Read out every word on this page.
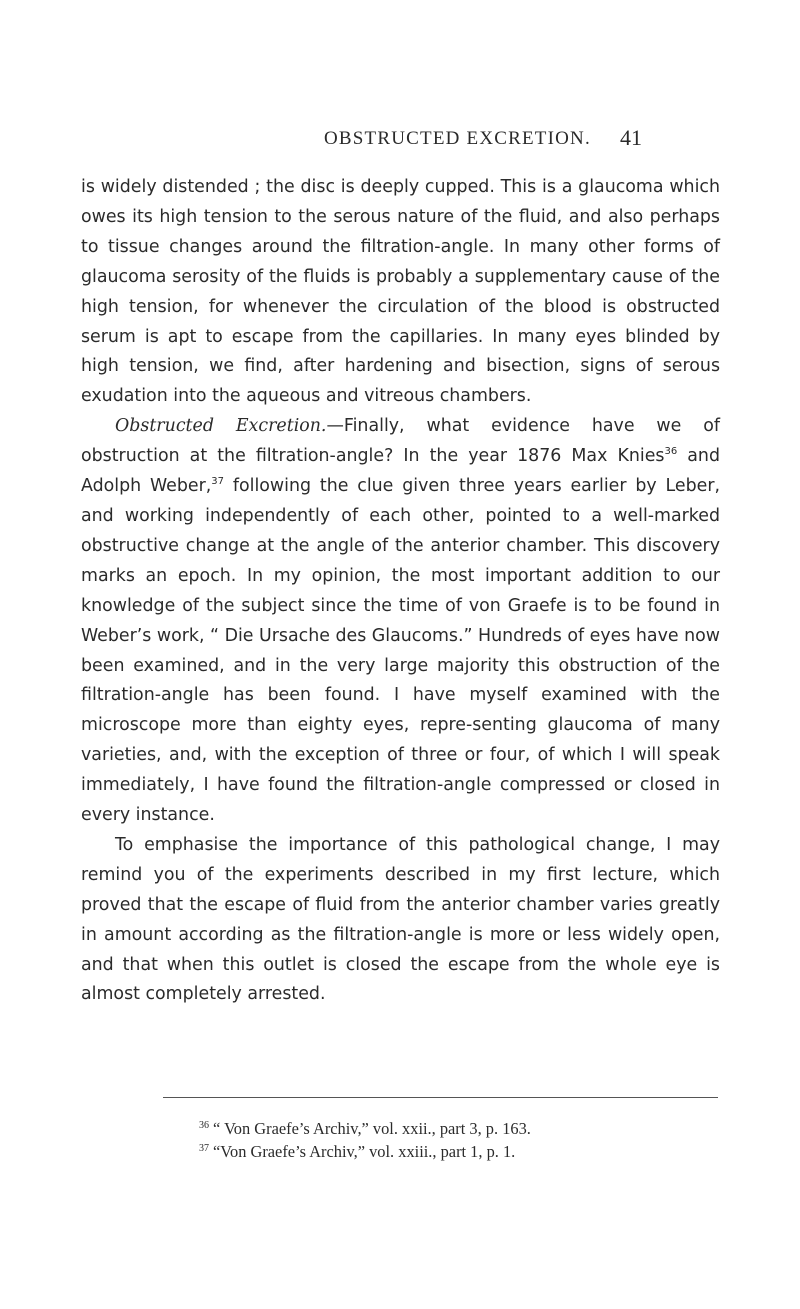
OBSTRUCTED EXCRETION. 41

is widely distended ; the disc is deeply cupped. This is a glaucoma which owes its high tension to the serous nature of the fluid, and also perhaps to tissue changes around the filtration-angle. In many other forms of glaucoma serosity of the fluids is probably a supplementary cause of the high tension, for whenever the circulation of the blood is obstructed serum is apt to escape from the capillaries. In many eyes blinded by high tension, we find, after hardening and bisection, signs of serous exudation into the aqueous and vitreous chambers.

Obstructed Excretion.—Finally, what evidence have we of obstruction at the filtration-angle? In the year 1876 Max Knies$^{36}$ and Adolph Weber,$^{37}$ following the clue given three years earlier by Leber, and working independently of each other, pointed to a well-marked obstructive change at the angle of the anterior chamber. This discovery marks an epoch. In my opinion, the most important addition to our knowledge of the subject since the time of von Graefe is to be found in Weber’s work, “ Die Ursache des Glaucoms.” Hundreds of eyes have now been examined, and in the very large majority this obstruction of the filtration-angle has been found. I have myself examined with the microscope more than eighty eyes, repre-senting glaucoma of many varieties, and, with the exception of three or four, of which I will speak immediately, I have found the filtration-angle compressed or closed in every instance.

To emphasise the importance of this pathological change, I may remind you of the experiments described in my first lecture, which proved that the escape of fluid from the anterior chamber varies greatly in amount according as the filtration-angle is more or less widely open, and that when this outlet is closed the escape from the whole eye is almost completely arrested.

$^{36}$ “ Von Graefe’s Archiv,” vol. xxii., part 3, p. 163.
$^{37}$ “Von Graefe’s Archiv,” vol. xxiii., part 1, p. 1.
